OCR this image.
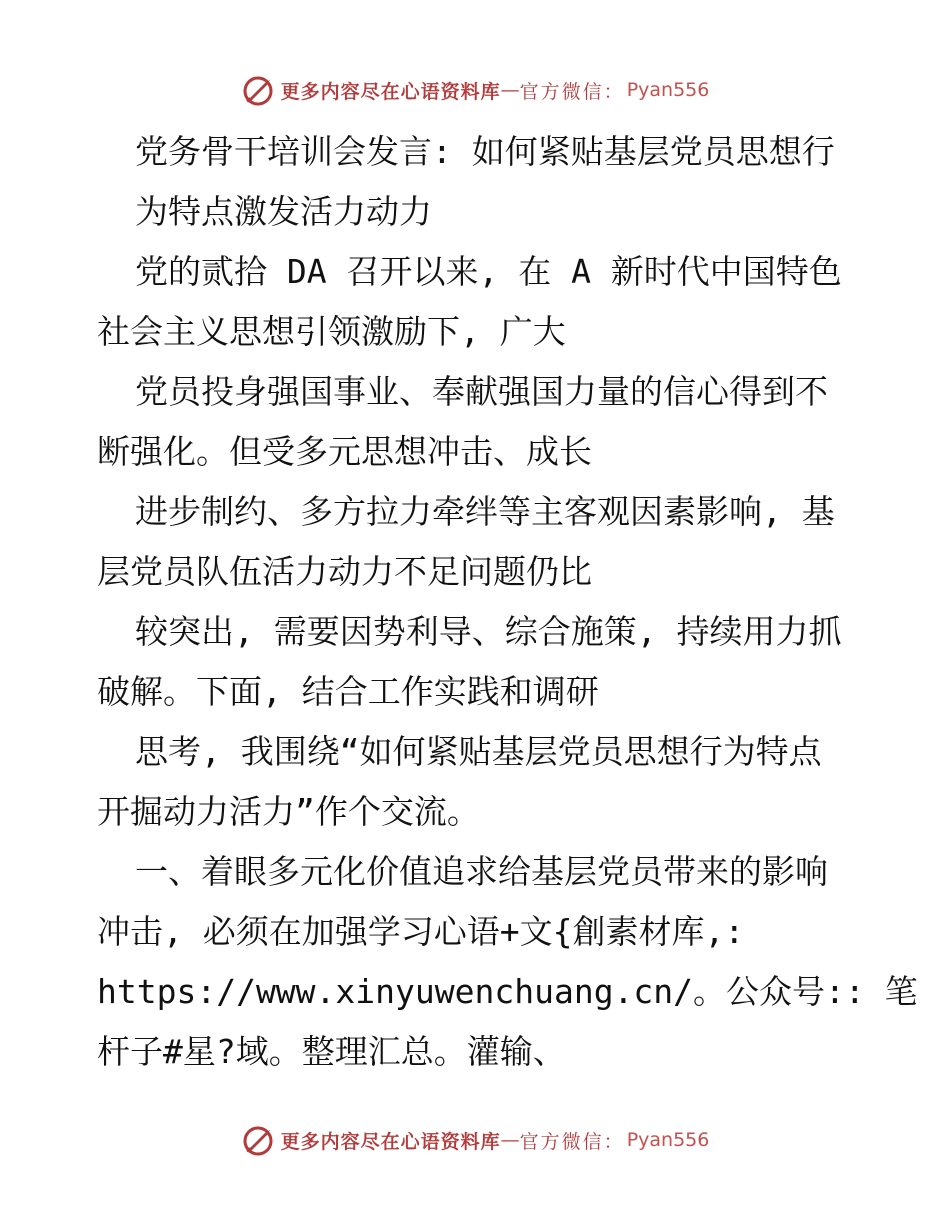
更多内容尽在心语资料库 — 官方微信： Pyan556
党务骨干培训会发言: 如何紧贴基层党员思想行
为特点激发活力动力
党的贰拾 DA 召开以来, 在 A 新时代中国特色
社会主义思想引领激励下, 广大
党员投身强国事业、奉献强国力量的信心得到不
断强化。但受多元思想冲击、成长
进步制约、多方拉力牵绊等主客观因素影响, 基
层党员队伍活力动力不足问题仍比
较突出, 需要因势利导、综合施策, 持续用力抓
破解。下面, 结合工作实践和调研
思考, 我围绕“如何紧贴基层党员思想行为特点
开掘动力活力”作个交流。
一、着眼多元化价值追求给基层党员带来的影响
冲击, 必须在加强学习心语+文{創素材库,:
https://www.xinyuwenchuang.cn/。公众号:: 笔
杆子#星?域。整理汇总。灌输、
更多内容尽在心语资料库 — 官方微信： Pyan556
